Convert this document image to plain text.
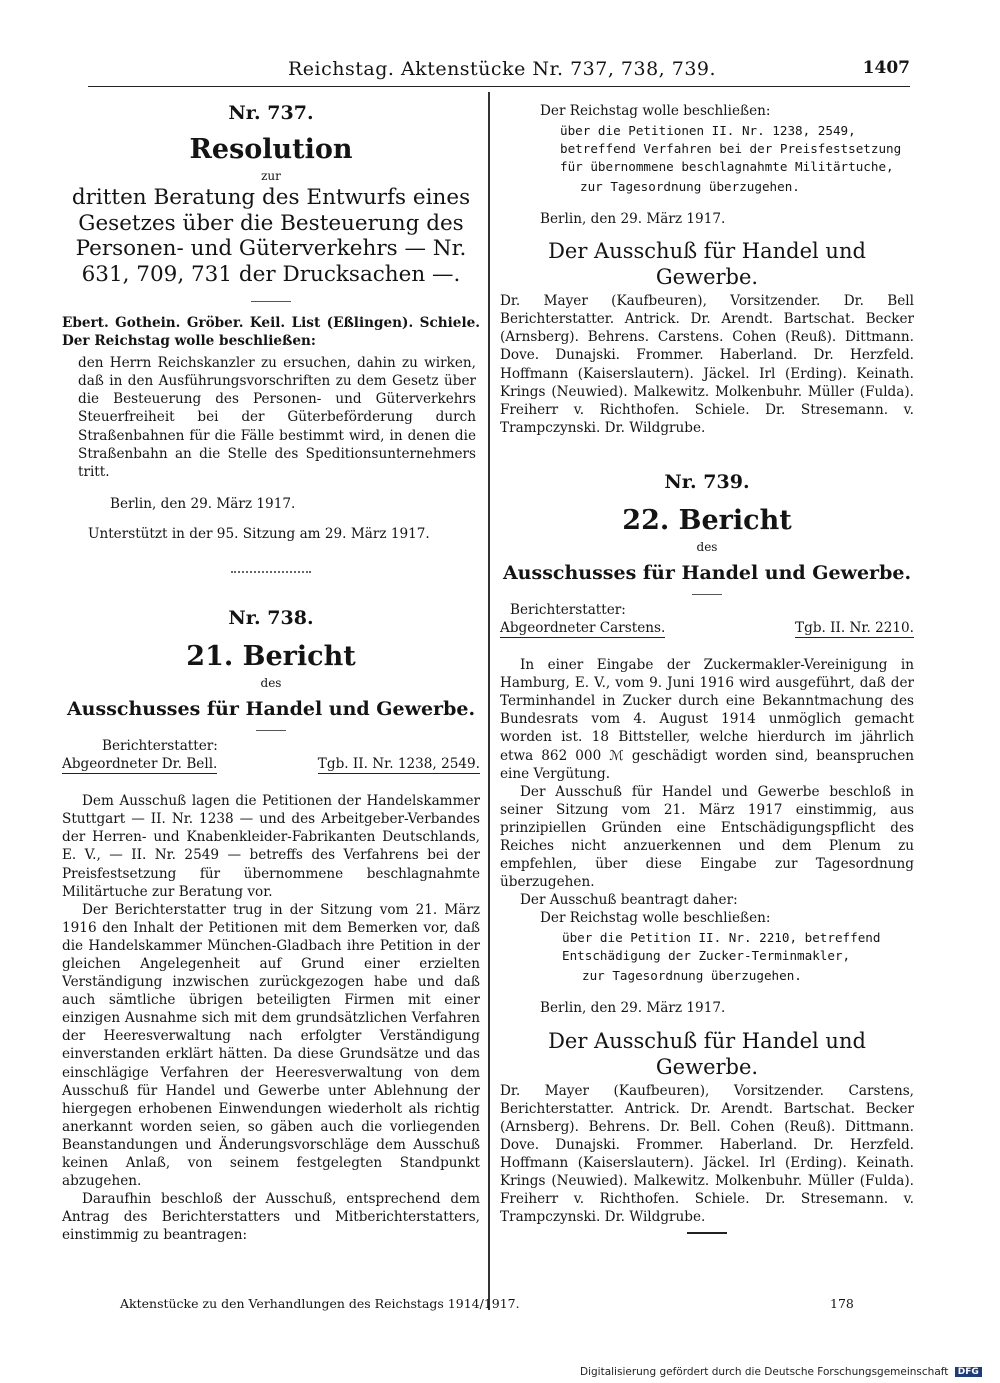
Reichstag. Aktenstücke Nr. 737, 738, 739.	1407

Nr. 737.

Resolution

zur

dritten Beratung des Entwurfs eines Gesetzes über die Besteuerung des Personen- und Güterverkehrs — Nr. 631, 709, 731 der Drucksachen —.

Ebert. Gothein. Gröber. Keil. List (Eßlingen). Schiele. Der Reichstag wolle beschließen:

den Herrn Reichskanzler zu ersuchen, dahin zu wirken, daß in den Ausführungsvorschriften zu dem Gesetz über die Besteuerung des Personen- und Güterverkehrs Steuerfreiheit bei der Güterbeförderung durch Straßenbahnen für die Fälle bestimmt wird, in denen die Straßenbahn an die Stelle des Speditionsunternehmers tritt.

Berlin, den 29. März 1917.

Unterstützt in der 95. Sitzung am 29. März 1917.

Nr. 738.

21. Bericht

des

Ausschusses für Handel und Gewerbe.

Berichterstatter:

Abgeordneter Dr. Bell.	Tgb. II. Nr. 1238, 2549.

Dem Ausschuß lagen die Petitionen der Handelskammer Stuttgart — II. Nr. 1238 — und des Arbeitgeber-Verbandes der Herren- und Knabenkleider-Fabrikanten Deutschlands, E. V., — II. Nr. 2549 — betreffs des Verfahrens bei der Preisfestsetzung für übernommene beschlagnahmte Militärtuche zur Beratung vor.

Der Berichterstatter trug in der Sitzung vom 21. März 1916 den Inhalt der Petitionen mit dem Bemerken vor, daß die Handelskammer München-Gladbach ihre Petition in der gleichen Angelegenheit auf Grund einer erzielten Verständigung inzwischen zurückgezogen habe und daß auch sämtliche übrigen beteiligten Firmen mit einer einzigen Ausnahme sich mit dem grundsätzlichen Verfahren der Heeresverwaltung nach erfolgter Verständigung einverstanden erklärt hätten. Da diese Grundsätze und das einschlägige Verfahren der Heeresverwaltung von dem Ausschuß für Handel und Gewerbe unter Ablehnung der hiergegen erhobenen Einwendungen wiederholt als richtig anerkannt worden seien, so gäben auch die vorliegenden Beanstandungen und Änderungsvorschläge dem Ausschuß keinen Anlaß, von seinem festgelegten Standpunkt abzugehen.

Daraufhin beschloß der Ausschuß, entsprechend dem Antrag des Berichterstatters und Mitberichterstatters, einstimmig zu beantragen:

Aktenstücke zu den Verhandlungen des Reichstags 1914/1917.

Der Reichstag wolle beschließen:

über die Petitionen II. Nr. 1238, 2549, betreffend Verfahren bei der Preisfestsetzung für übernommene beschlagnahmte Militärtuche,

zur Tagesordnung überzugehen.

Berlin, den 29. März 1917.

Der Ausschuß für Handel und Gewerbe.

Dr. Mayer (Kaufbeuren), Vorsitzender. Dr. Bell Berichterstatter. Antrick. Dr. Arendt. Bartschat. Becker (Arnsberg). Behrens. Carstens. Cohen (Reuß). Dittmann. Dove. Dunajski. Frommer. Haberland. Dr. Herzfeld. Hoffmann (Kaiserslautern). Jäckel. Irl (Erding). Keinath. Krings (Neuwied). Malkewitz. Molkenbuhr. Müller (Fulda). Freiherr v. Richthofen. Schiele. Dr. Stresemann. v. Trampczynski. Dr. Wildgrube.

Nr. 739.

22. Bericht

des

Ausschusses für Handel und Gewerbe.

Berichterstatter:

Abgeordneter Carstens.	Tgb. II. Nr. 2210.

In einer Eingabe der Zuckermakler-Vereinigung in Hamburg, E. V., vom 9. Juni 1916 wird ausgeführt, daß der Terminhandel in Zucker durch eine Bekanntmachung des Bundesrats vom 4. August 1914 unmöglich gemacht worden ist. 18 Bittsteller, welche hierdurch im jährlich etwa 862 000 ℳ geschädigt worden sind, beanspruchen eine Vergütung.

Der Ausschuß für Handel und Gewerbe beschloß in seiner Sitzung vom 21. März 1917 einstimmig, aus prinzipiellen Gründen eine Entschädigungspflicht des Reiches nicht anzuerkennen und dem Plenum zu empfehlen, über diese Eingabe zur Tagesordnung überzugehen.

Der Ausschuß beantragt daher:

Der Reichstag wolle beschließen:

über die Petition II. Nr. 2210, betreffend Entschädigung der Zucker-Terminmakler,

zur Tagesordnung überzugehen.

Berlin, den 29. März 1917.

Der Ausschuß für Handel und Gewerbe.

Dr. Mayer (Kaufbeuren), Vorsitzender. Carstens, Berichterstatter. Antrick. Dr. Arendt. Bartschat. Becker (Arnsberg). Behrens. Dr. Bell. Cohen (Reuß). Dittmann. Dove. Dunajski. Frommer. Haberland. Dr. Herzfeld. Hoffmann (Kaiserslautern). Jäckel. Irl (Erding). Keinath. Krings (Neuwied). Malkewitz. Molkenbuhr. Müller (Fulda). Freiherr v. Richthofen. Schiele. Dr. Stresemann. v. Trampczynski. Dr. Wildgrube.

178
Digitalisierung gefördert durch die Deutsche Forschungsgemeinschaft DFG
